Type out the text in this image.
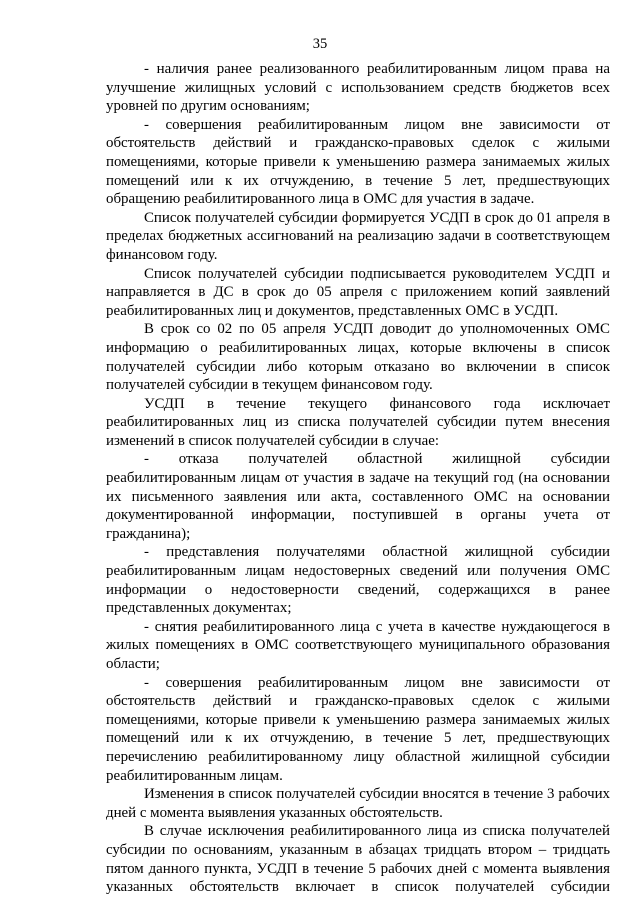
35

- наличия ранее реализованного реабилитированным лицом права на улучшение жилищных условий с использованием средств бюджетов всех уровней по другим основаниям;

- совершения реабилитированным лицом вне зависимости от обстоятельств действий и гражданско-правовых сделок с жилыми помещениями, которые привели к уменьшению размера занимаемых жилых помещений или к их отчуждению, в течение 5 лет, предшествующих обращению реабилитированного лица в ОМС для участия в задаче.

Список получателей субсидии формируется УСДП в срок до 01 апреля в пределах бюджетных ассигнований на реализацию задачи в соответствующем финансовом году.

Список получателей субсидии подписывается руководителем УСДП и направляется в ДС в срок до 05 апреля с приложением копий заявлений реабилитированных лиц и документов, представленных ОМС в УСДП.

В срок со 02 по 05 апреля УСДП доводит до уполномоченных ОМС информацию о реабилитированных лицах, которые включены в список получателей субсидии либо которым отказано во включении в список получателей субсидии в текущем финансовом году.

УСДП в течение текущего финансового года исключает реабилитированных лиц из списка получателей субсидии путем внесения изменений в список получателей субсидии в случае:

- отказа получателей областной жилищной субсидии реабилитированным лицам от участия в задаче на текущий год (на основании их письменного заявления или акта, составленного ОМС на основании документированной информации, поступившей в органы учета от гражданина);

- представления получателями областной жилищной субсидии реабилитированным лицам недостоверных сведений или получения ОМС информации о недостоверности сведений, содержащихся в ранее представленных документах;

- снятия реабилитированного лица с учета в качестве нуждающегося в жилых помещениях в ОМС соответствующего муниципального образования области;

- совершения реабилитированным лицом вне зависимости от обстоятельств действий и гражданско-правовых сделок с жилыми помещениями, которые привели к уменьшению размера занимаемых жилых помещений или к их отчуждению, в течение 5 лет, предшествующих перечислению реабилитированному лицу областной жилищной субсидии реабилитированным лицам.

Изменения в список получателей субсидии вносятся в течение 3 рабочих дней с момента выявления указанных обстоятельств.

В случае исключения реабилитированного лица из списка получателей субсидии по основаниям, указанным в абзацах тридцать втором – тридцать пятом данного пункта, УСДП в течение 5 рабочих дней с момента выявления указанных обстоятельств включает в список получателей субсидии
